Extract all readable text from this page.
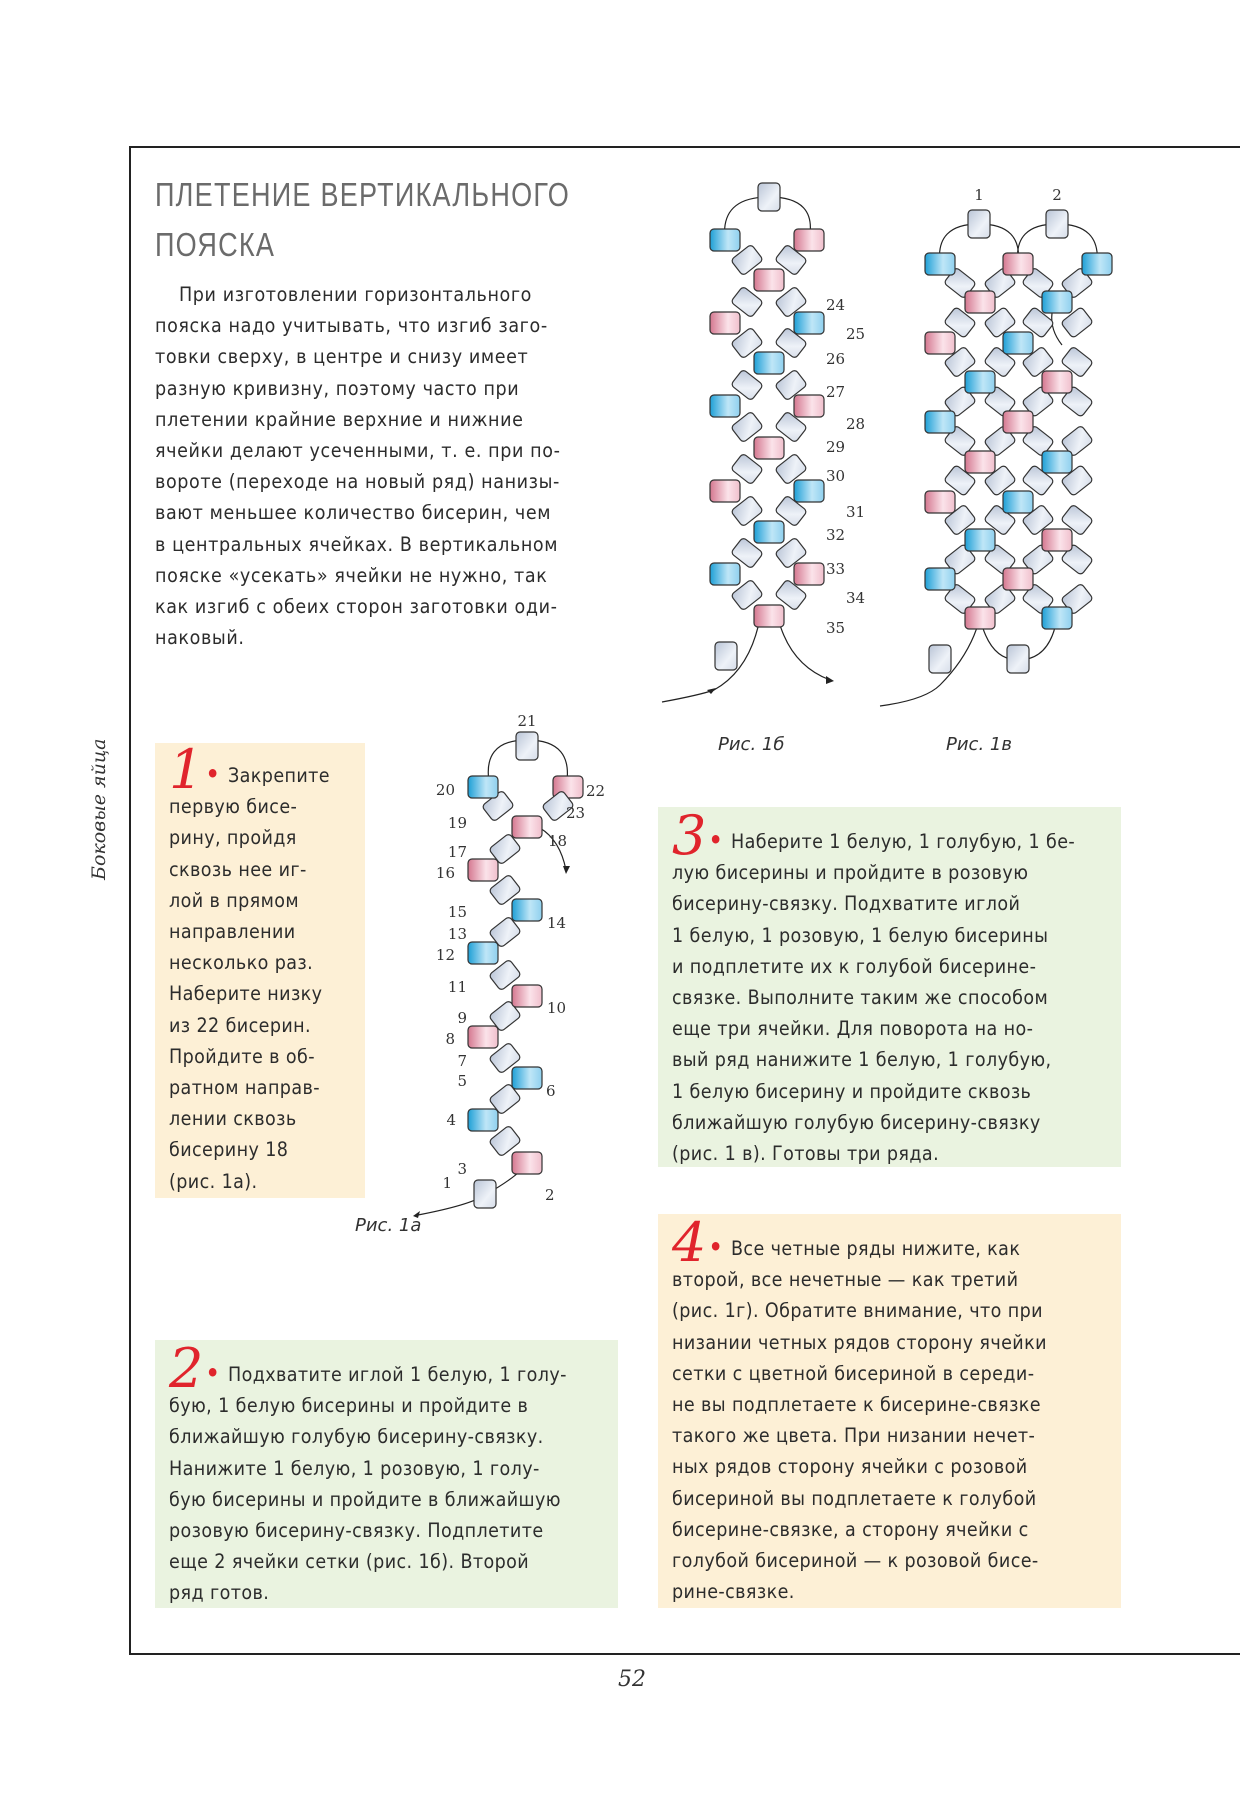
Боковые яйца
ПЛЕТЕНИЕ ВЕРТИКАЛЬНОГО
ПОЯСКА
При изготовлении горизонтального
пояска надо учитывать, что изгиб заго-
товки сверху, в центре и снизу имеет
разную кривизну, поэтому часто при
плетении крайние верхние и нижние
ячейки делают усеченными, т. е. при по-
вороте (переходе на новый ряд) нанизы-
вают меньшее количество бисерин, чем
в центральных ячейках. В вертикальном
пояске «усекать» ячейки не нужно, так
как изгиб с обеих сторон заготовки оди-
наковый.
1• Закрепите
первую бисе-
рину, пройдя
сквозь нее иг-
лой в прямом
направлении
несколько раз.
Наберите низку
из 22 бисерин.
Пройдите в об-
ратном направ-
лении сквозь
бисерину 18
(рис. 1а).
2• Подхватите иглой 1 белую, 1 голу-
бую, 1 белую бисерины и пройдите в
ближайшую голубую бисерину-связку.
Нанижите 1 белую, 1 розовую, 1 голу-
бую бисерины и пройдите в ближайшую
розовую бисерину-связку. Подплетите
еще 2 ячейки сетки (рис. 1б). Второй
ряд готов.
3• Наберите 1 белую, 1 голубую, 1 бе-
лую бисерины и пройдите в розовую
бисерину-связку. Подхватите иглой
1 белую, 1 розовую, 1 белую бисерины
и подплетите их к голубой бисерине-
связке. Выполните таким же способом
еще три ячейки. Для поворота на но-
вый ряд нанижите 1 белую, 1 голубую,
1 белую бисерину и пройдите сквозь
ближайшую голубую бисерину-связку
(рис. 1 в). Готовы три ряда.
4• Все четные ряды нижите, как
второй, все нечетные — как третий
(рис. 1г). Обратите внимание, что при
низании четных рядов сторону ячейки
сетки с цветной бисериной в середи-
не вы подплетаете к бисерине-связке
такого же цвета. При низании нечет-
ных рядов сторону ячейки с розовой
бисериной вы подплетаете к голубой
бисерине-связке, а сторону ячейки с
голубой бисериной — к розовой бисе-
рине-связке.
1
2
3
4
5
6
7
8
9
10
11
12
13
14
15
16
17
18
19
20
21
22
23
24
25
26
27
28
29
30
31
32
33
34
35
1	2
Рис. 1а
Рис. 1б	Рис. 1в
52
